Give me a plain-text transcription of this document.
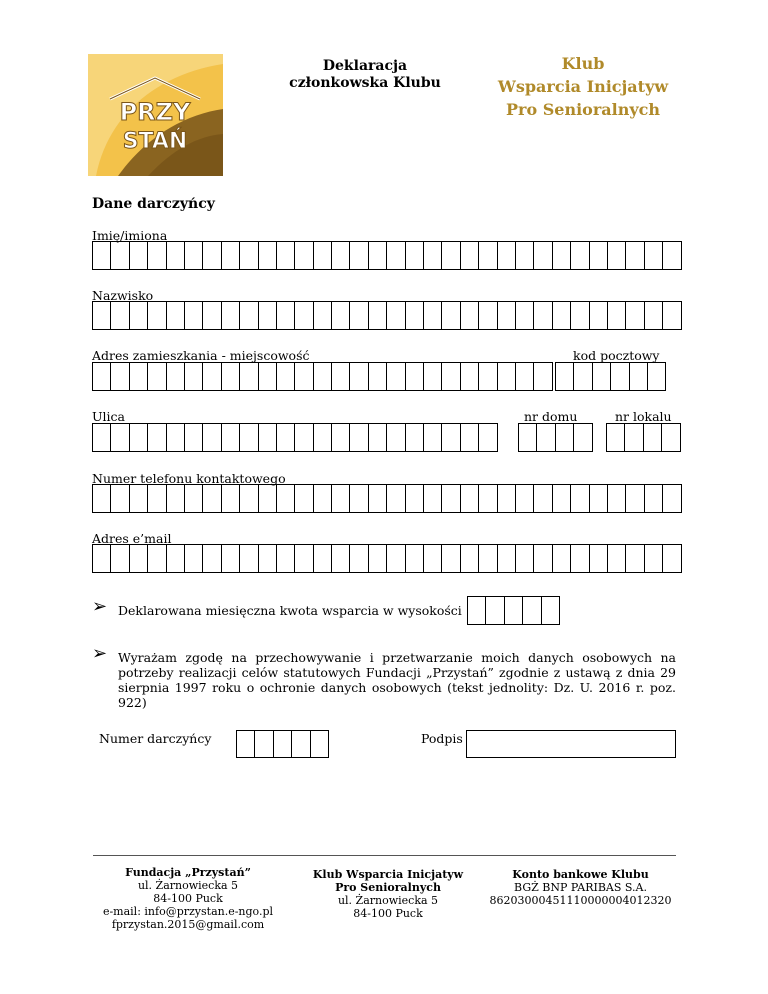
PRZY
STAŃ
Deklaracja członkowska Klubu
Klub
Wsparcia Inicjatyw
Pro Senioralnych
Dane darczyńcy
Imię/imiona
Nazwisko
Adres zamieszkania - miejscowość	kod pocztowy
Ulica	nr domu	nr lokalu
Numer telefonu kontaktowego
Adres e’mail
➢ Deklarowana miesięczna kwota wsparcia w wysokości
➢ Wyrażam zgodę na przechowywanie i przetwarzanie moich danych osobowych na potrzeby realizacji celów statutowych Fundacji „Przystań” zgodnie z ustawą z dnia 29 sierpnia 1997 roku o ochronie danych osobowych (tekst jednolity: Dz. U. 2016 r. poz. 922)
Numer darczyńcy	Podpis
Fundacja „Przystań”
ul. Żarnowiecka 5
84-100 Puck
e-mail: info@przystan.e-ngo.pl
fprzystan.2015@gmail.com
Klub Wsparcia Inicjatyw
Pro Senioralnych
ul. Żarnowiecka 5
84-100 Puck
Konto bankowe Klubu
BGŻ BNP PARIBAS S.A.
86203000451110000004012320
